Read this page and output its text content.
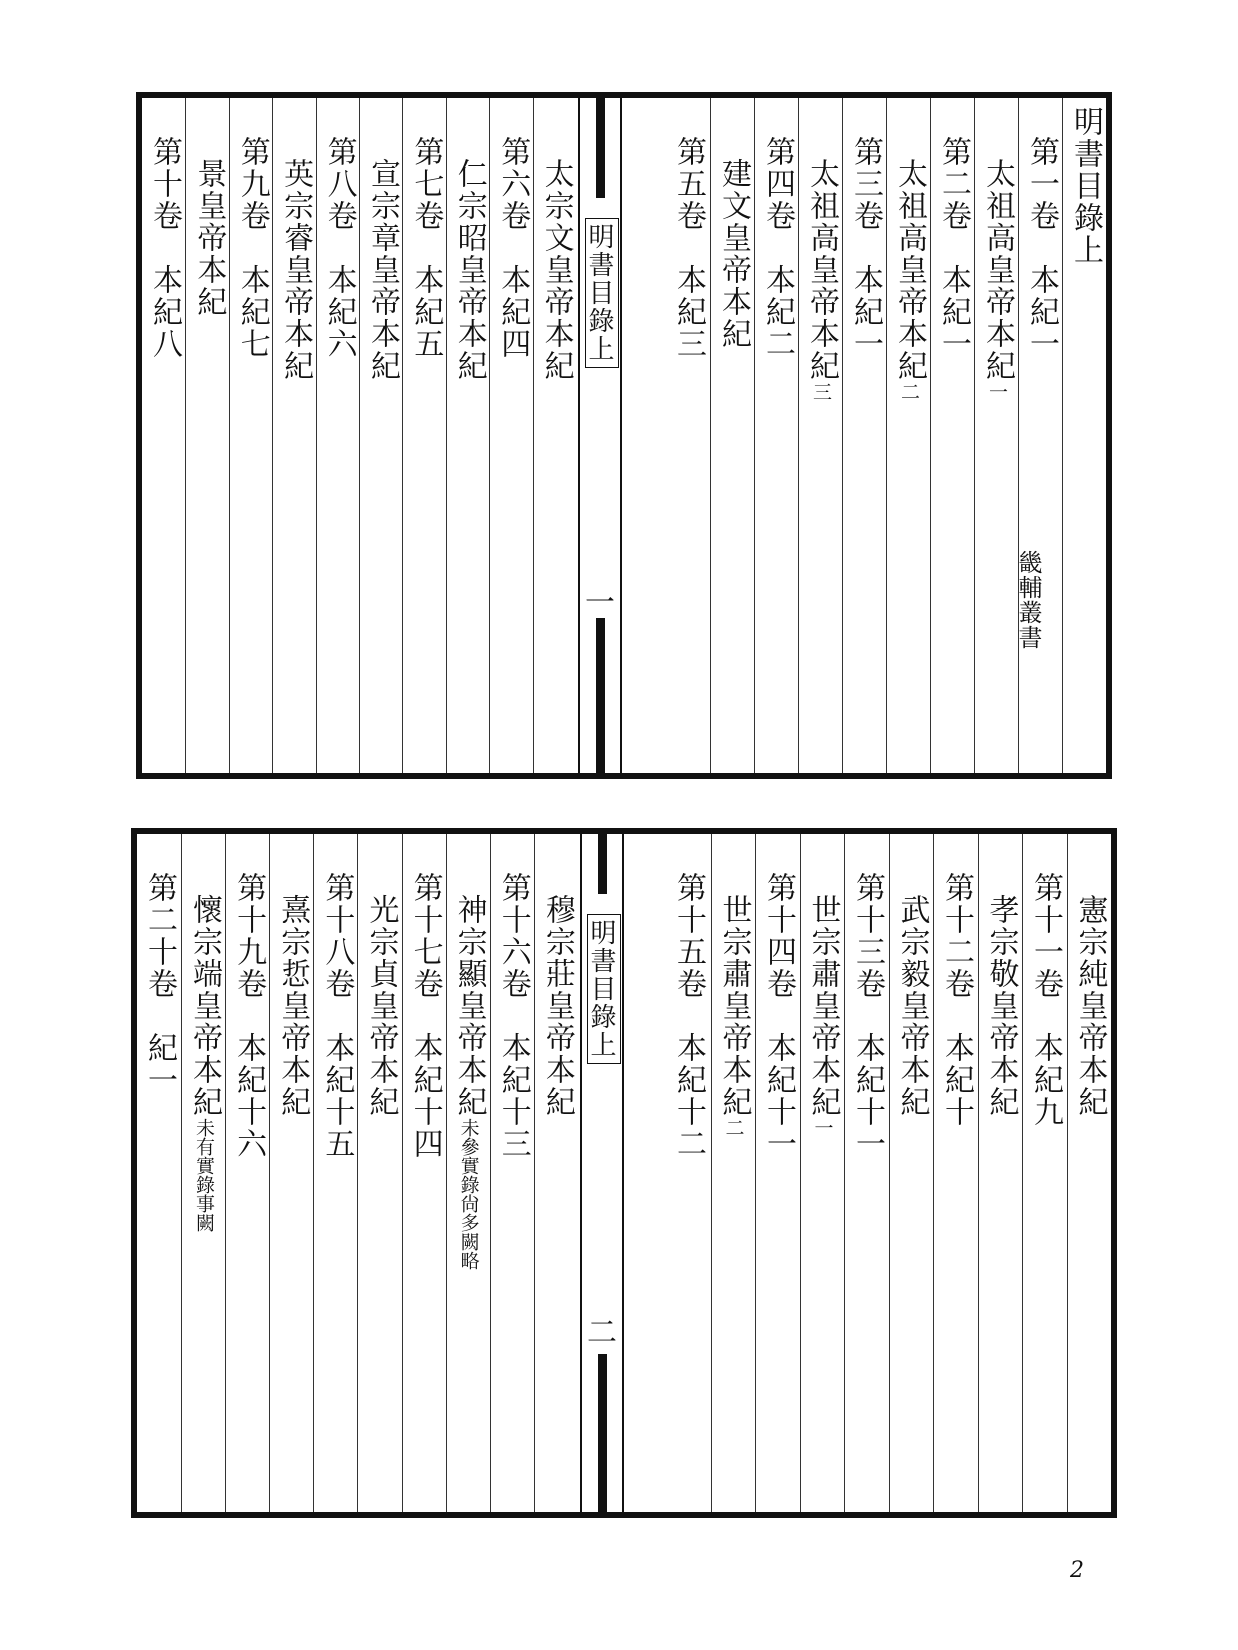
明書目錄上
第一卷　本紀一
太祖高皇帝本紀一
第二卷　本紀一
太祖高皇帝本紀二
第三卷　本紀一
太祖高皇帝本紀三
第四卷　本紀二
建文皇帝本紀
第五卷　本紀三
畿輔叢書
明書目錄上
一
太宗文皇帝本紀
第六卷　本紀四
仁宗昭皇帝本紀
第七卷　本紀五
宣宗章皇帝本紀
第八卷　本紀六
英宗睿皇帝本紀
第九卷　本紀七
景皇帝本紀
第十卷　本紀八
憲宗純皇帝本紀
第十一卷　本紀九
孝宗敬皇帝本紀
第十二卷　本紀十
武宗毅皇帝本紀
第十三卷　本紀十一
世宗肅皇帝本紀一
第十四卷　本紀十一
世宗肅皇帝本紀二
第十五卷　本紀十二
明書目錄上
二
穆宗莊皇帝本紀
第十六卷　本紀十三
神宗顯皇帝本紀未參實錄尙多闕略
第十七卷　本紀十四
光宗貞皇帝本紀
第十八卷　本紀十五
熹宗悊皇帝本紀
第十九卷　本紀十六
懷宗端皇帝本紀未有實錄事闕
第二十卷　紀一
2
